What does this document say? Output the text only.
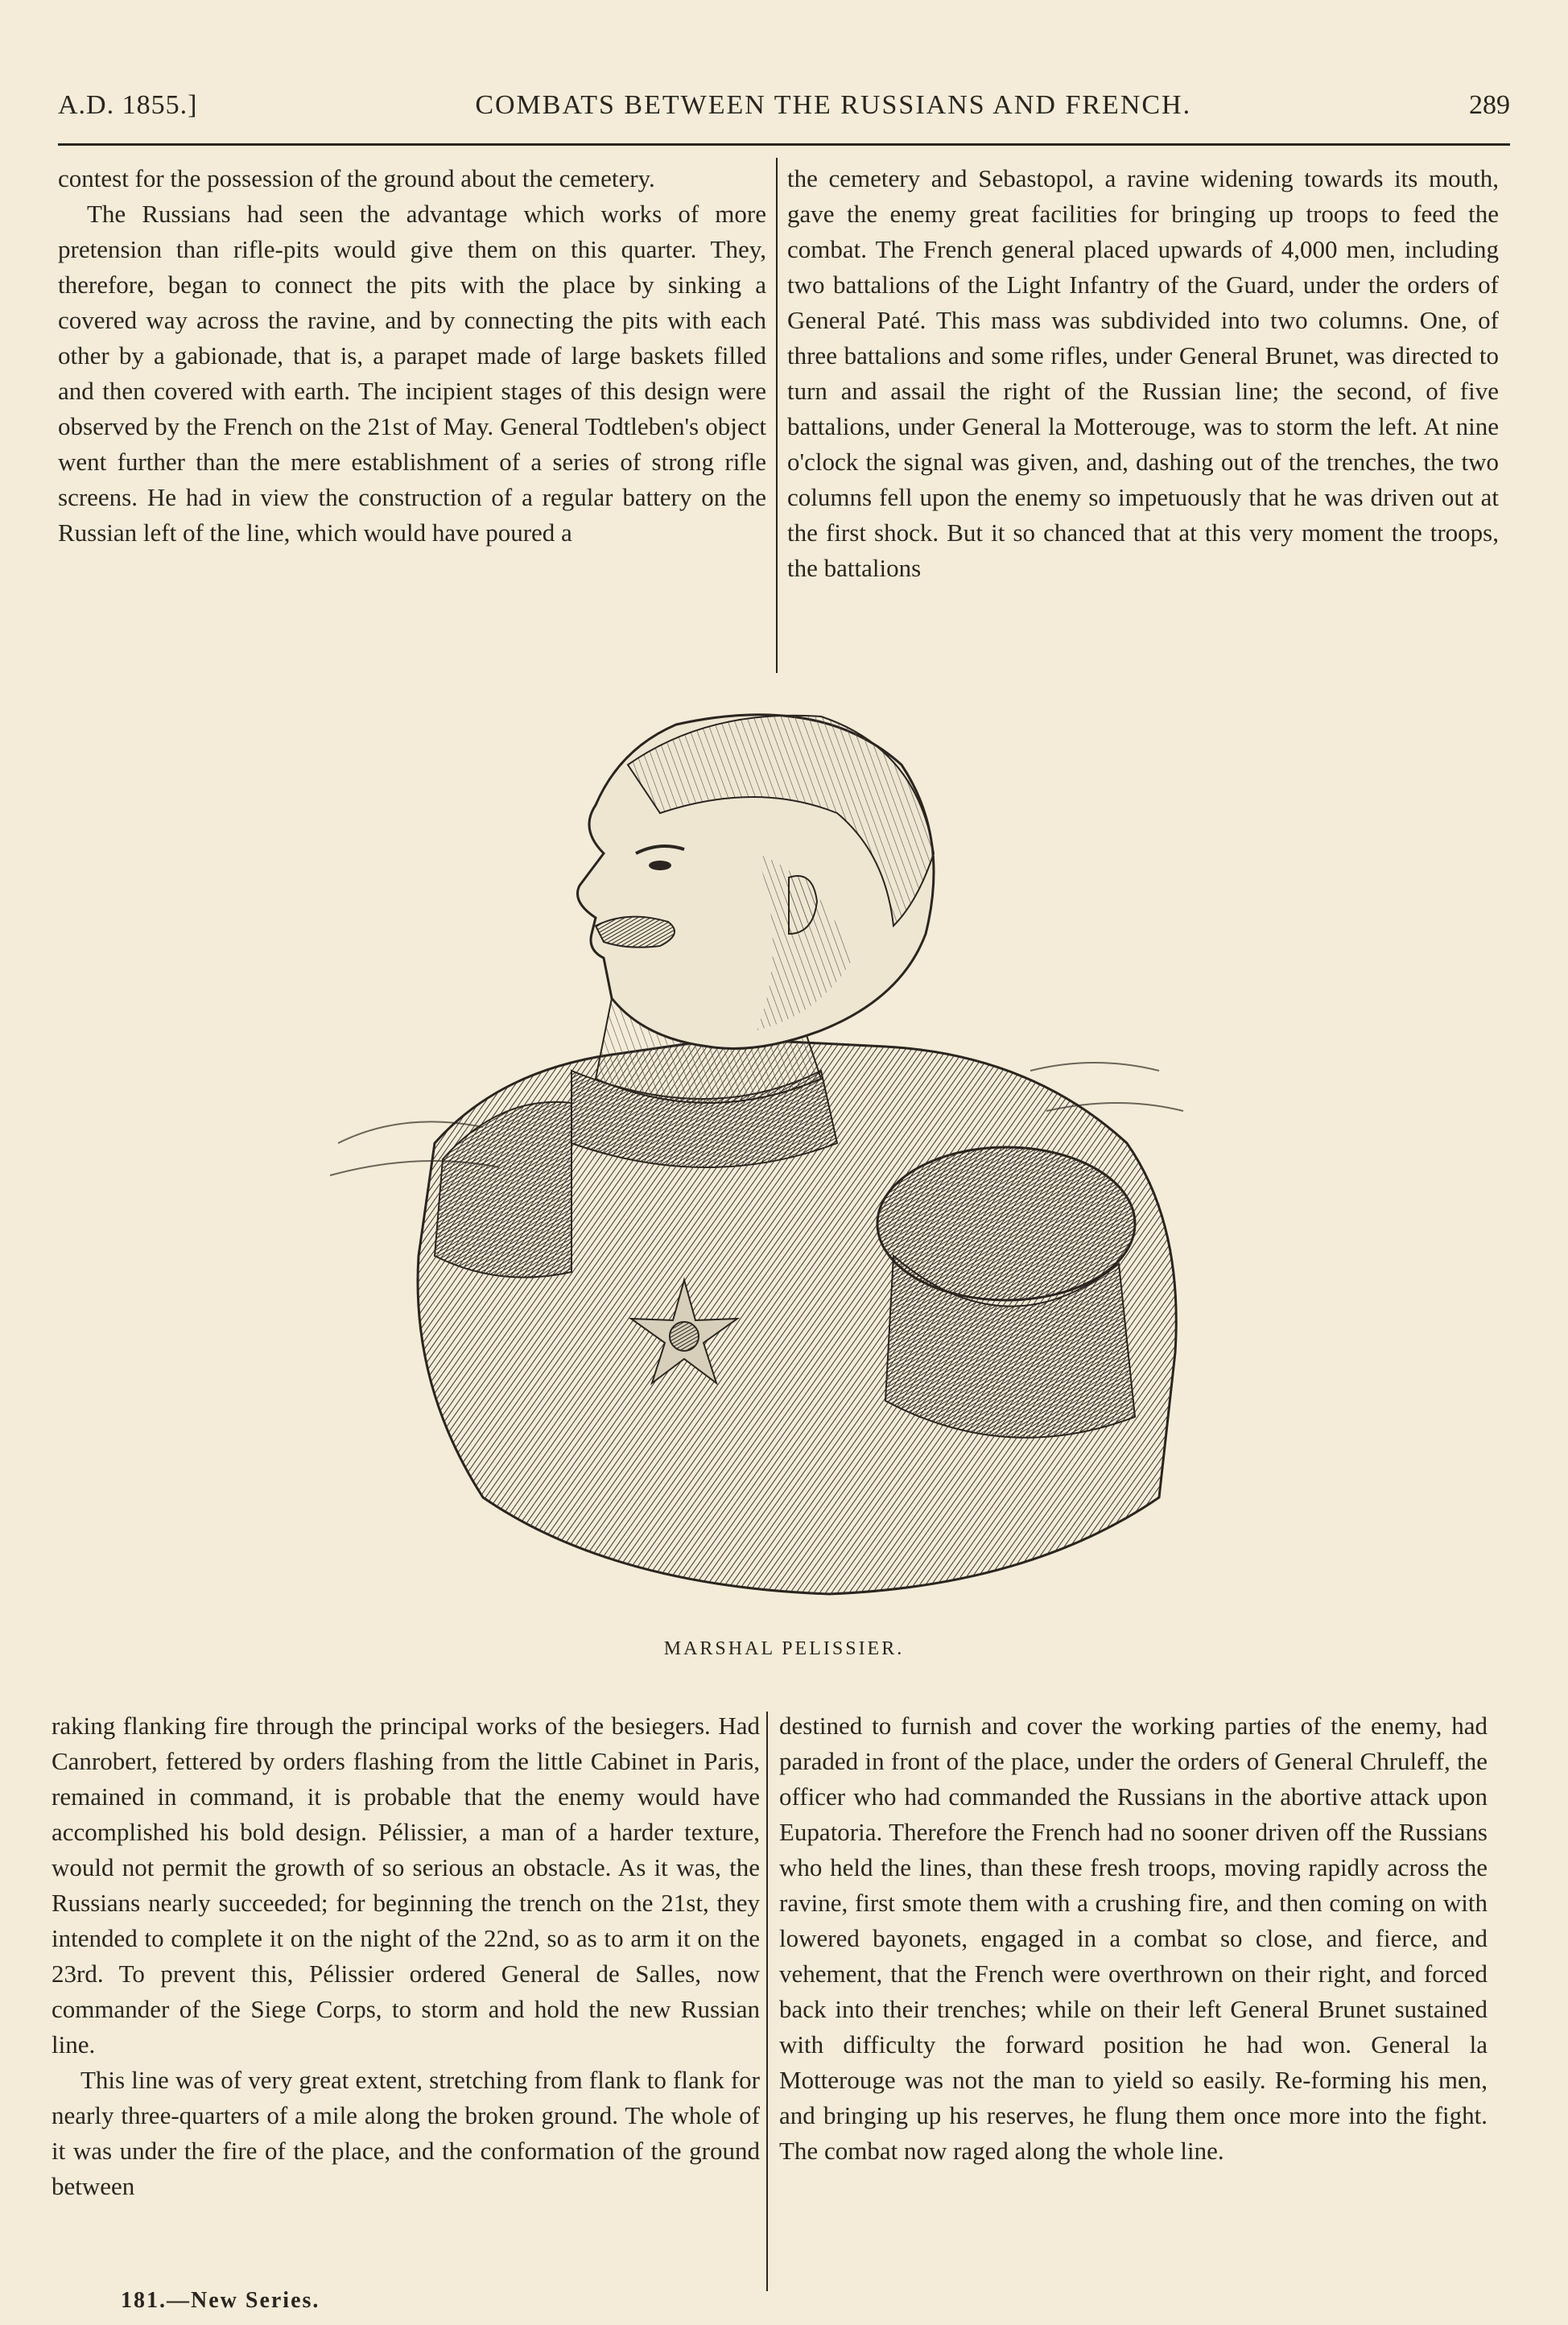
A.D. 1855.]	COMBATS BETWEEN THE RUSSIANS AND FRENCH.	289

contest for the possession of the ground about the cemetery.

The Russians had seen the advantage which works of more pretension than rifle-pits would give them on this quarter. They, therefore, began to connect the pits with the place by sinking a covered way across the ravine, and by connecting the pits with each other by a gabionade, that is, a parapet made of large baskets filled and then covered with earth. The incipient stages of this design were observed by the French on the 21st of May. General Todtleben's object went further than the mere establishment of a series of strong rifle screens. He had in view the construction of a regular battery on the Russian left of the line, which would have poured a

the cemetery and Sebastopol, a ravine widening towards its mouth, gave the enemy great facilities for bringing up troops to feed the combat. The French general placed upwards of 4,000 men, including two battalions of the Light Infantry of the Guard, under the orders of General Paté. This mass was subdivided into two columns. One, of three battalions and some rifles, under General Brunet, was directed to turn and assail the right of the Russian line; the second, of five battalions, under General la Motterouge, was to storm the left. At nine o'clock the signal was given, and, dashing out of the trenches, the two columns fell upon the enemy so impetuously that he was driven out at the first shock. But it so chanced that at this very moment the troops, the battalions

MARSHAL PELISSIER.

raking flanking fire through the principal works of the besiegers. Had Canrobert, fettered by orders flashing from the little Cabinet in Paris, remained in command, it is probable that the enemy would have accomplished his bold design. Pélissier, a man of a harder texture, would not permit the growth of so serious an obstacle. As it was, the Russians nearly succeeded; for beginning the trench on the 21st, they intended to complete it on the night of the 22nd, so as to arm it on the 23rd. To prevent this, Pélissier ordered General de Salles, now commander of the Siege Corps, to storm and hold the new Russian line.

This line was of very great extent, stretching from flank to flank for nearly three-quarters of a mile along the broken ground. The whole of it was under the fire of the place, and the conformation of the ground between

destined to furnish and cover the working parties of the enemy, had paraded in front of the place, under the orders of General Chruleff, the officer who had commanded the Russians in the abortive attack upon Eupatoria. Therefore the French had no sooner driven off the Russians who held the lines, than these fresh troops, moving rapidly across the ravine, first smote them with a crushing fire, and then coming on with lowered bayonets, engaged in a combat so close, and fierce, and vehement, that the French were overthrown on their right, and forced back into their trenches; while on their left General Brunet sustained with difficulty the forward position he had won. General la Motterouge was not the man to yield so easily. Re-forming his men, and bringing up his reserves, he flung them once more into the fight. The combat now raged along the whole line.

181.—New Series.
